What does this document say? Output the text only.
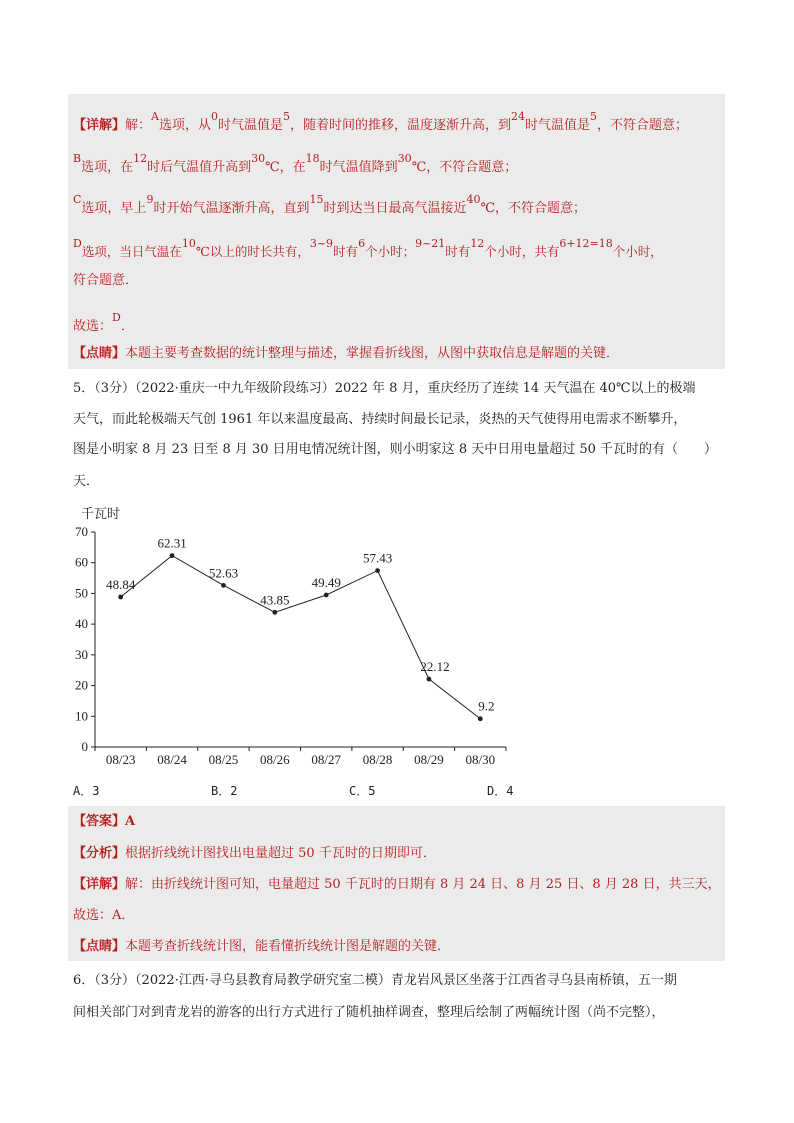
【详解】解：$^A$选项，从$^0$时气温值是$^5$，随着时间的推移，温度逐渐升高，到$^{24}$时气温值是$^5$，不符合题意；
$^B$选项，在$^{12}$时后气温值升高到$^{30}$℃，在$^{18}$时气温值降到$^{30}$℃，不符合题意；
$^C$选项，早上$^9$时开始气温逐渐升高，直到$^{15}$时到达当日最高气温接近$^{40}$℃，不符合题意；
D选项，当日气温在10℃以上的时长共有，3~9时有6个小时；9~21时有12个小时，共有6+12=18个小时，
符合题意．
故选：$^D$．
【点睛】本题主要考查数据的统计整理与描述，掌握看折线图，从图中获取信息是解题的关键．
5．（3分）（2022·重庆一中九年级阶段练习）2022 年 8 月，重庆经历了连续 14 天气温在 40℃以上的极端
天气，而此轮极端天气创 1961 年以来温度最高、持续时间最长记录，炎热的天气使得用电需求不断攀升，
图是小明家 8 月 23 日至 8 月 30 日用电情况统计图，则小明家这 8 天中日用电量超过 50 千瓦时的有（　　）
天．
千瓦时
0
10
20
30
40
50
60
70
08/23 08/24 08/25 08/26 08/27 08/28 08/29 08/30
48.84
62.31
52.63
43.85
49.49
57.43
22.12
9.2
A．3	B．2	C．5	D．4
【答案】A
【分析】根据折线统计图找出电量超过 50 千瓦时的日期即可．
【详解】解：由折线统计图可知，电量超过 50 千瓦时的日期有 8 月 24 日、8 月 25 日、8 月 28 日，共三天，
故选：A．
【点睛】本题考查折线统计图，能看懂折线统计图是解题的关键．
6．（3分）（2022·江西·寻乌县教育局教学研究室二模）青龙岩风景区坐落于江西省寻乌县南桥镇，五一期
间相关部门对到青龙岩的游客的出行方式进行了随机抽样调查，整理后绘制了两幅统计图（尚不完整），
